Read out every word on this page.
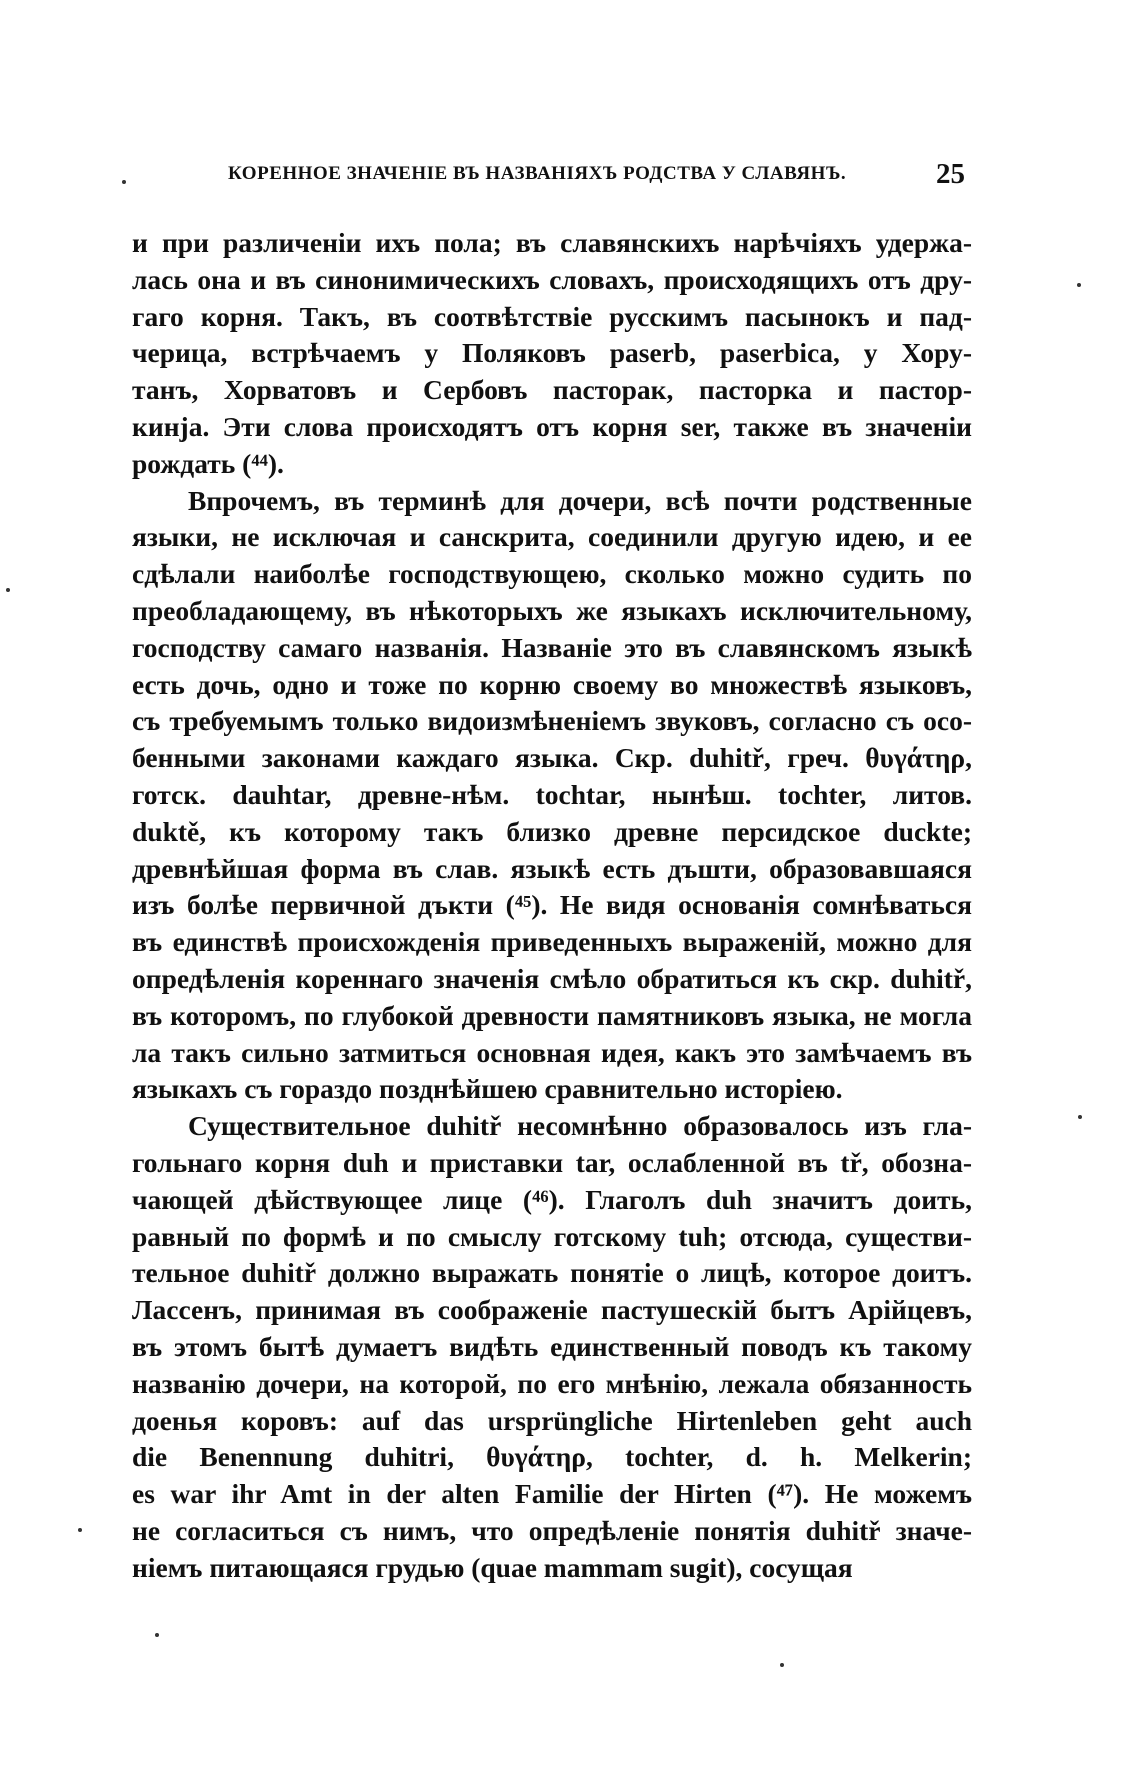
КОРЕННОЕ ЗНАЧЕНІЕ ВЪ НАЗВАНІЯХЪ РОДСТВА У СЛАВЯНЪ.	25
и при различеніи ихъ пола; въ славянскихъ нарѣчіяхъ удержа-
лась она и въ синонимическихъ словахъ, происходящихъ отъ дру-
гаго корня. Такъ, въ соотвѣтствіе русскимъ пасынокъ и пад-
черица, встрѣчаемъ у Поляковъ paserb, paserbica, у Хору-
танъ, Хорватовъ и Сербовъ пасторак, пасторка и пастор-
кинја. Эти слова происходятъ отъ корня ser, также въ значеніи
рождать (⁴⁴).
Впрочемъ, въ терминѣ для дочери, всѣ почти родственные
языки, не исключая и санскрита, соединили другую идею, и ее
сдѣлали наиболѣе господствующею, сколько можно судить по
преобладающему, въ нѣкоторыхъ же языкахъ исключительному,
господству самаго названія. Названіе это въ славянскомъ языкѣ
есть дочь, одно и тоже по корню своему во множествѣ языковъ,
съ требуемымъ только видоизмѣненіемъ звуковъ, согласно съ осо-
бенными законами каждаго языка. Скр. duhitř, греч. θυγάτηρ,
готск. dauhtar, древне-нѣм. tochtar, нынѣш. tochter, литов.
duktě, къ которому такъ близко древне персидское duckte;
древнѣйшая форма въ слав. языкѣ есть дъшти, образовавшаяся
изъ болѣе первичной дъкти (⁴⁵). Не видя основанія сомнѣваться
въ единствѣ происхожденія приведенныхъ выраженій, можно для
опредѣленія кореннаго значенія смѣло обратиться къ скр. duhitř,
въ которомъ, по глубокой древности памятниковъ языка, не могла
ла такъ сильно затмиться основная идея, какъ это замѣчаемъ въ
языкахъ съ гораздо позднѣйшею сравнительно исторіею.
Существительное duhitř несомнѣнно образовалось изъ гла-
гольнаго корня duh и приставки tar, ослабленной въ tř, обозна-
чающей дѣйствующее лице (⁴⁶). Глаголъ duh значитъ доить,
равный по формѣ и по смыслу готскому tuh; отсюда, существи-
тельное duhitř должно выражать понятіе о лицѣ, которое доитъ.
Лассенъ, принимая въ соображеніе пастушескій бытъ Арійцевъ,
въ этомъ бытѣ думаетъ видѣть единственный поводъ къ такому
названію дочери, на которой, по его мнѣнію, лежала обязанность
доенья коровъ: auf das ursprüngliche Hirtenleben geht auch
die Benennung duhitri, θυγάτηρ, tochter, d. h. Melkerin;
es war ihr Amt in der alten Familie der Hirten (⁴⁷). Не можемъ
не согласиться съ нимъ, что опредѣленіе понятія duhitř значе-
ніемъ питающаяся грудью (quae mammam sugit), сосущая
